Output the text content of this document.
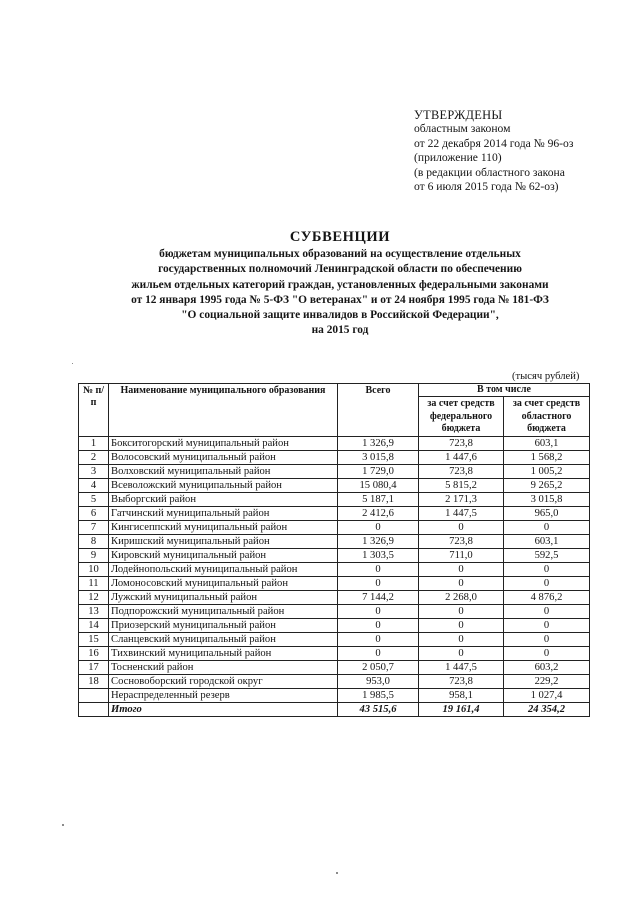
УТВЕРЖДЕНЫ
областным законом
от 22 декабря 2014 года № 96-оз
(приложение 110)
(в редакции областного закона
от 6 июля 2015 года № 62-оз)
СУБВЕНЦИИ
бюджетам муниципальных образований на осуществление отдельных
государственных полномочий Ленинградской области по обеспечению
жильем отдельных категорий граждан, установленных федеральными законами
от 12 января 1995 года № 5-ФЗ "О ветеранах" и от 24 ноября 1995 года № 181-ФЗ
"О социальной защите инвалидов в Российской Федерации",
на 2015 год
(тысяч рублей)
№ п/п	Наименование муниципального образования	Всего	В том числе	
			за счет средств федерального бюджета	за счет средств областного бюджета
1	Бокситогорский муниципальный район	1 326,9	723,8	603,1
2	Волосовский муниципальный район	3 015,8	1 447,6	1 568,2
3	Волховский муниципальный район	1 729,0	723,8	1 005,2
4	Всеволожский муниципальный район	15 080,4	5 815,2	9 265,2
5	Выборгский район	5 187,1	2 171,3	3 015,8
6	Гатчинский муниципальный район	2 412,6	1 447,5	965,0
7	Кингисеппский муниципальный район	0	0	0
8	Киришский муниципальный район	1 326,9	723,8	603,1
9	Кировский муниципальный район	1 303,5	711,0	592,5
10	Лодейнопольский муниципальный район	0	0	0
11	Ломоносовский муниципальный район	0	0	0
12	Лужский муниципальный район	7 144,2	2 268,0	4 876,2
13	Подпорожский муниципальный район	0	0	0
14	Приозерский муниципальный район	0	0	0
15	Сланцевский муниципальный район	0	0	0
16	Тихвинский муниципальный район	0	0	0
17	Тосненский район	2 050,7	1 447,5	603,2
18	Сосновоборский городской округ	953,0	723,8	229,2
	Нераспределенный резерв	1 985,5	958,1	1 027,4
	Итого	43 515,6	19 161,4	24 354,2
